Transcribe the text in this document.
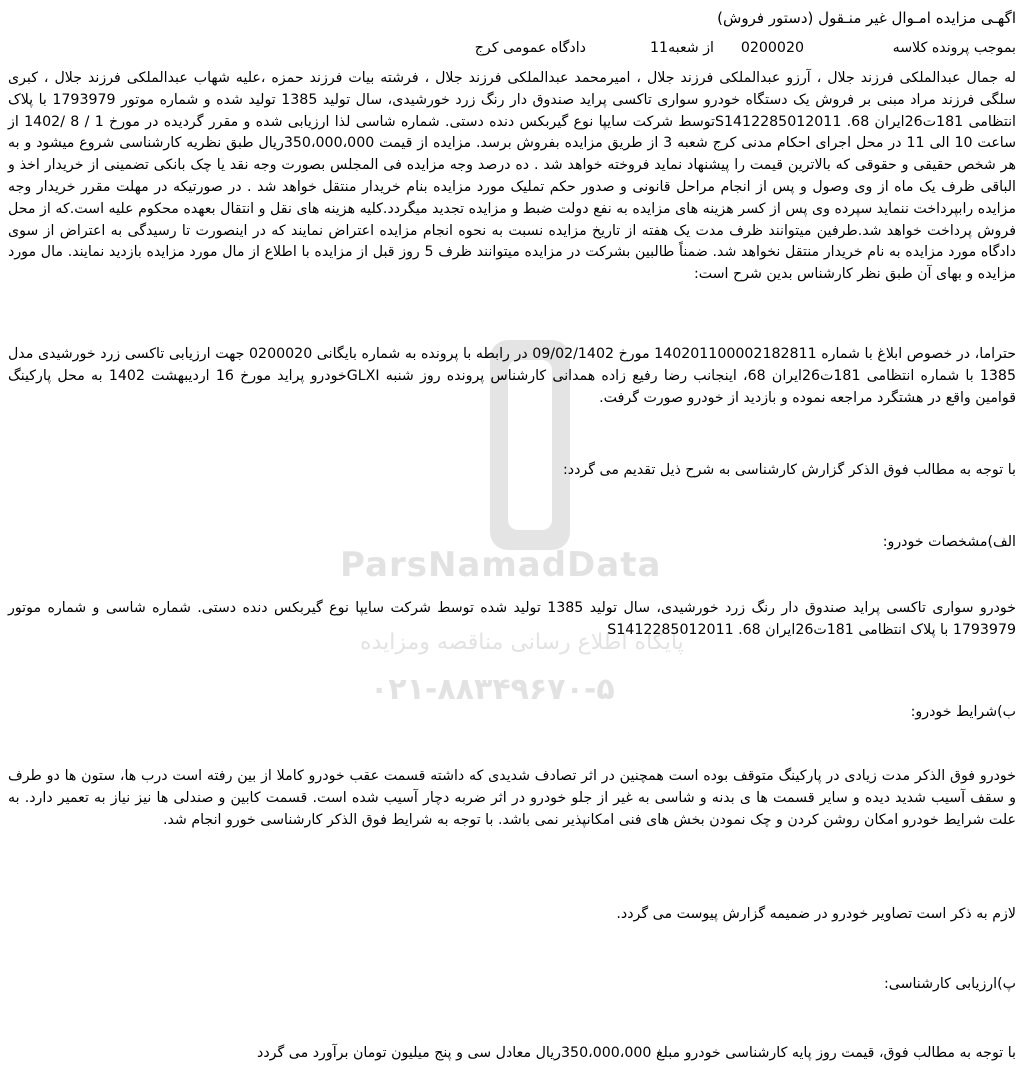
ParsNamadData
پایگاه اطلاع رسانی مناقصه ومزایده
۰۲۱-۸۸۳۴۹۶۷۰-۵
اگهـی مزایده امـوال غیر منـقول (دستور فروش)
بموجب پرونده کلاسه
0200020
از شعبه11
دادگاه عمومی کرج
له جمال عبدالملکی فرزند جلال ، آرزو عبدالملکی فرزند جلال ، امیرمحمد عبدالملکی فرزند جلال ، فرشته بیات فرزند حمزه ،علیه شهاب عبدالملکی فرزند جلال ، کبری سلگی فرزند مراد مبنی بر فروش یک دستگاه خودرو سواری تاکسی پراید صندوق دار رنگ زرد خورشیدی، سال تولید 1385 تولید شده و شماره موتور 1793979 با پلاک انتظامی 181ت26ایران 68. S1412285012011توسط شرکت سایپا نوع گیربکس دنده دستی. شماره شاسی لذا ارزیابی شده و مقرر گردیده در مورخ 1 / 8 /1402 از ساعت 10 الی 11 در محل اجرای احکام مدنی کرج شعبه 3 از طریق مزایده بفروش برسد. مزایده از قیمت 350،000،000ریال طبق نظریه کارشناسی شروع میشود و به هر شخص حقیقی و حقوقی که بالاترین قیمت را پیشنهاد نماید فروخته خواهد شد . ده درصد وجه مزایده فی المجلس بصورت وجه نقد یا چک بانکی تضمینی از خریدار اخذ و الباقی ظرف یک ماه از وی وصول و پس از انجام مراحل قانونی و صدور حکم تملیک مورد مزایده بنام خریدار منتقل خواهد شد . در صورتیکه در مهلت مقرر خریدار وجه مزایده رابپرداخت ننماید سپرده وی پس از کسر هزینه های مزایده به نفع دولت ضبط و مزایده تجدید میگردد.کلیه هزینه های نقل و انتقال بعهده محکوم علیه است.که از محل فروش پرداخت خواهد شد.طرفین میتوانند ظرف مدت یک هفته از تاریخ مزایده نسبت به نحوه انجام مزایده اعتراض نمایند که در اینصورت تا رسیدگی به اعتراض از سوی دادگاه مورد مزایده به نام خریدار منتقل نخواهد شد. ضمناً طالبین بشرکت در مزایده میتوانند ظرف 5 روز قبل از مزایده با اطلاع از مال مورد مزایده بازدید نمایند. مال مورد مزایده و بهای آن طبق نظر کارشناس بدین شرح است:
حتراما، در خصوص ابلاغ با شماره 140201100002182811 مورخ 09/02/1402 در رابطه با پرونده به شماره بایگانی 0200020 جهت ارزیابی تاکسی زرد خورشیدی مدل 1385 با شماره انتظامی 181ت26ایران 68، اینجانب رضا رفیع زاده همدانی کارشناس پرونده روز شنبه GLXIخودرو پراید مورخ 16 اردیبهشت 1402 به محل پارکینگ قوامین واقع در هشتگرد مراجعه نموده و بازدید از خودرو صورت گرفت.
با توجه به مطالب فوق الذکر گزارش کارشناسی به شرح ذیل تقدیم می گردد:
الف)مشخصات خودرو:
خودرو سواری تاکسی پراید صندوق دار رنگ زرد خورشیدی، سال تولید 1385 تولید شده توسط شرکت سایپا نوع گیربکس دنده دستی. شماره شاسی و شماره موتور 1793979 با پلاک انتظامی 181ت26ایران 68. S1412285012011
ب)شرایط خودرو:
خودرو فوق الذکر مدت زیادی در پارکینگ متوقف بوده است همچنین در اثر تصادف شدیدی که داشته قسمت عقب خودرو کاملا از بین رفته است درب ها، ستون ها دو طرف و سقف آسیب شدید دیده و سایر قسمت ها ی بدنه و شاسی به غیر از جلو خودرو در اثر ضربه دچار آسیب شده است. قسمت کابین و صندلی ها نیز نیاز به تعمیر دارد. به علت شرایط خودرو امکان روشن کردن و چک نمودن بخش های فنی امکانپذیر نمی باشد. با توجه به شرایط فوق الذکر کارشناسی خورو انجام شد.
لازم به ذکر است تصاویر خودرو در ضمیمه گزارش پیوست می گردد.
پ)ارزیابی کارشناسی:
با توجه به مطالب فوق، قیمت روز پایه کارشناسی خودرو مبلغ 350،000،000ریال معادل سی و پنج میلیون تومان برآورد می گردد
